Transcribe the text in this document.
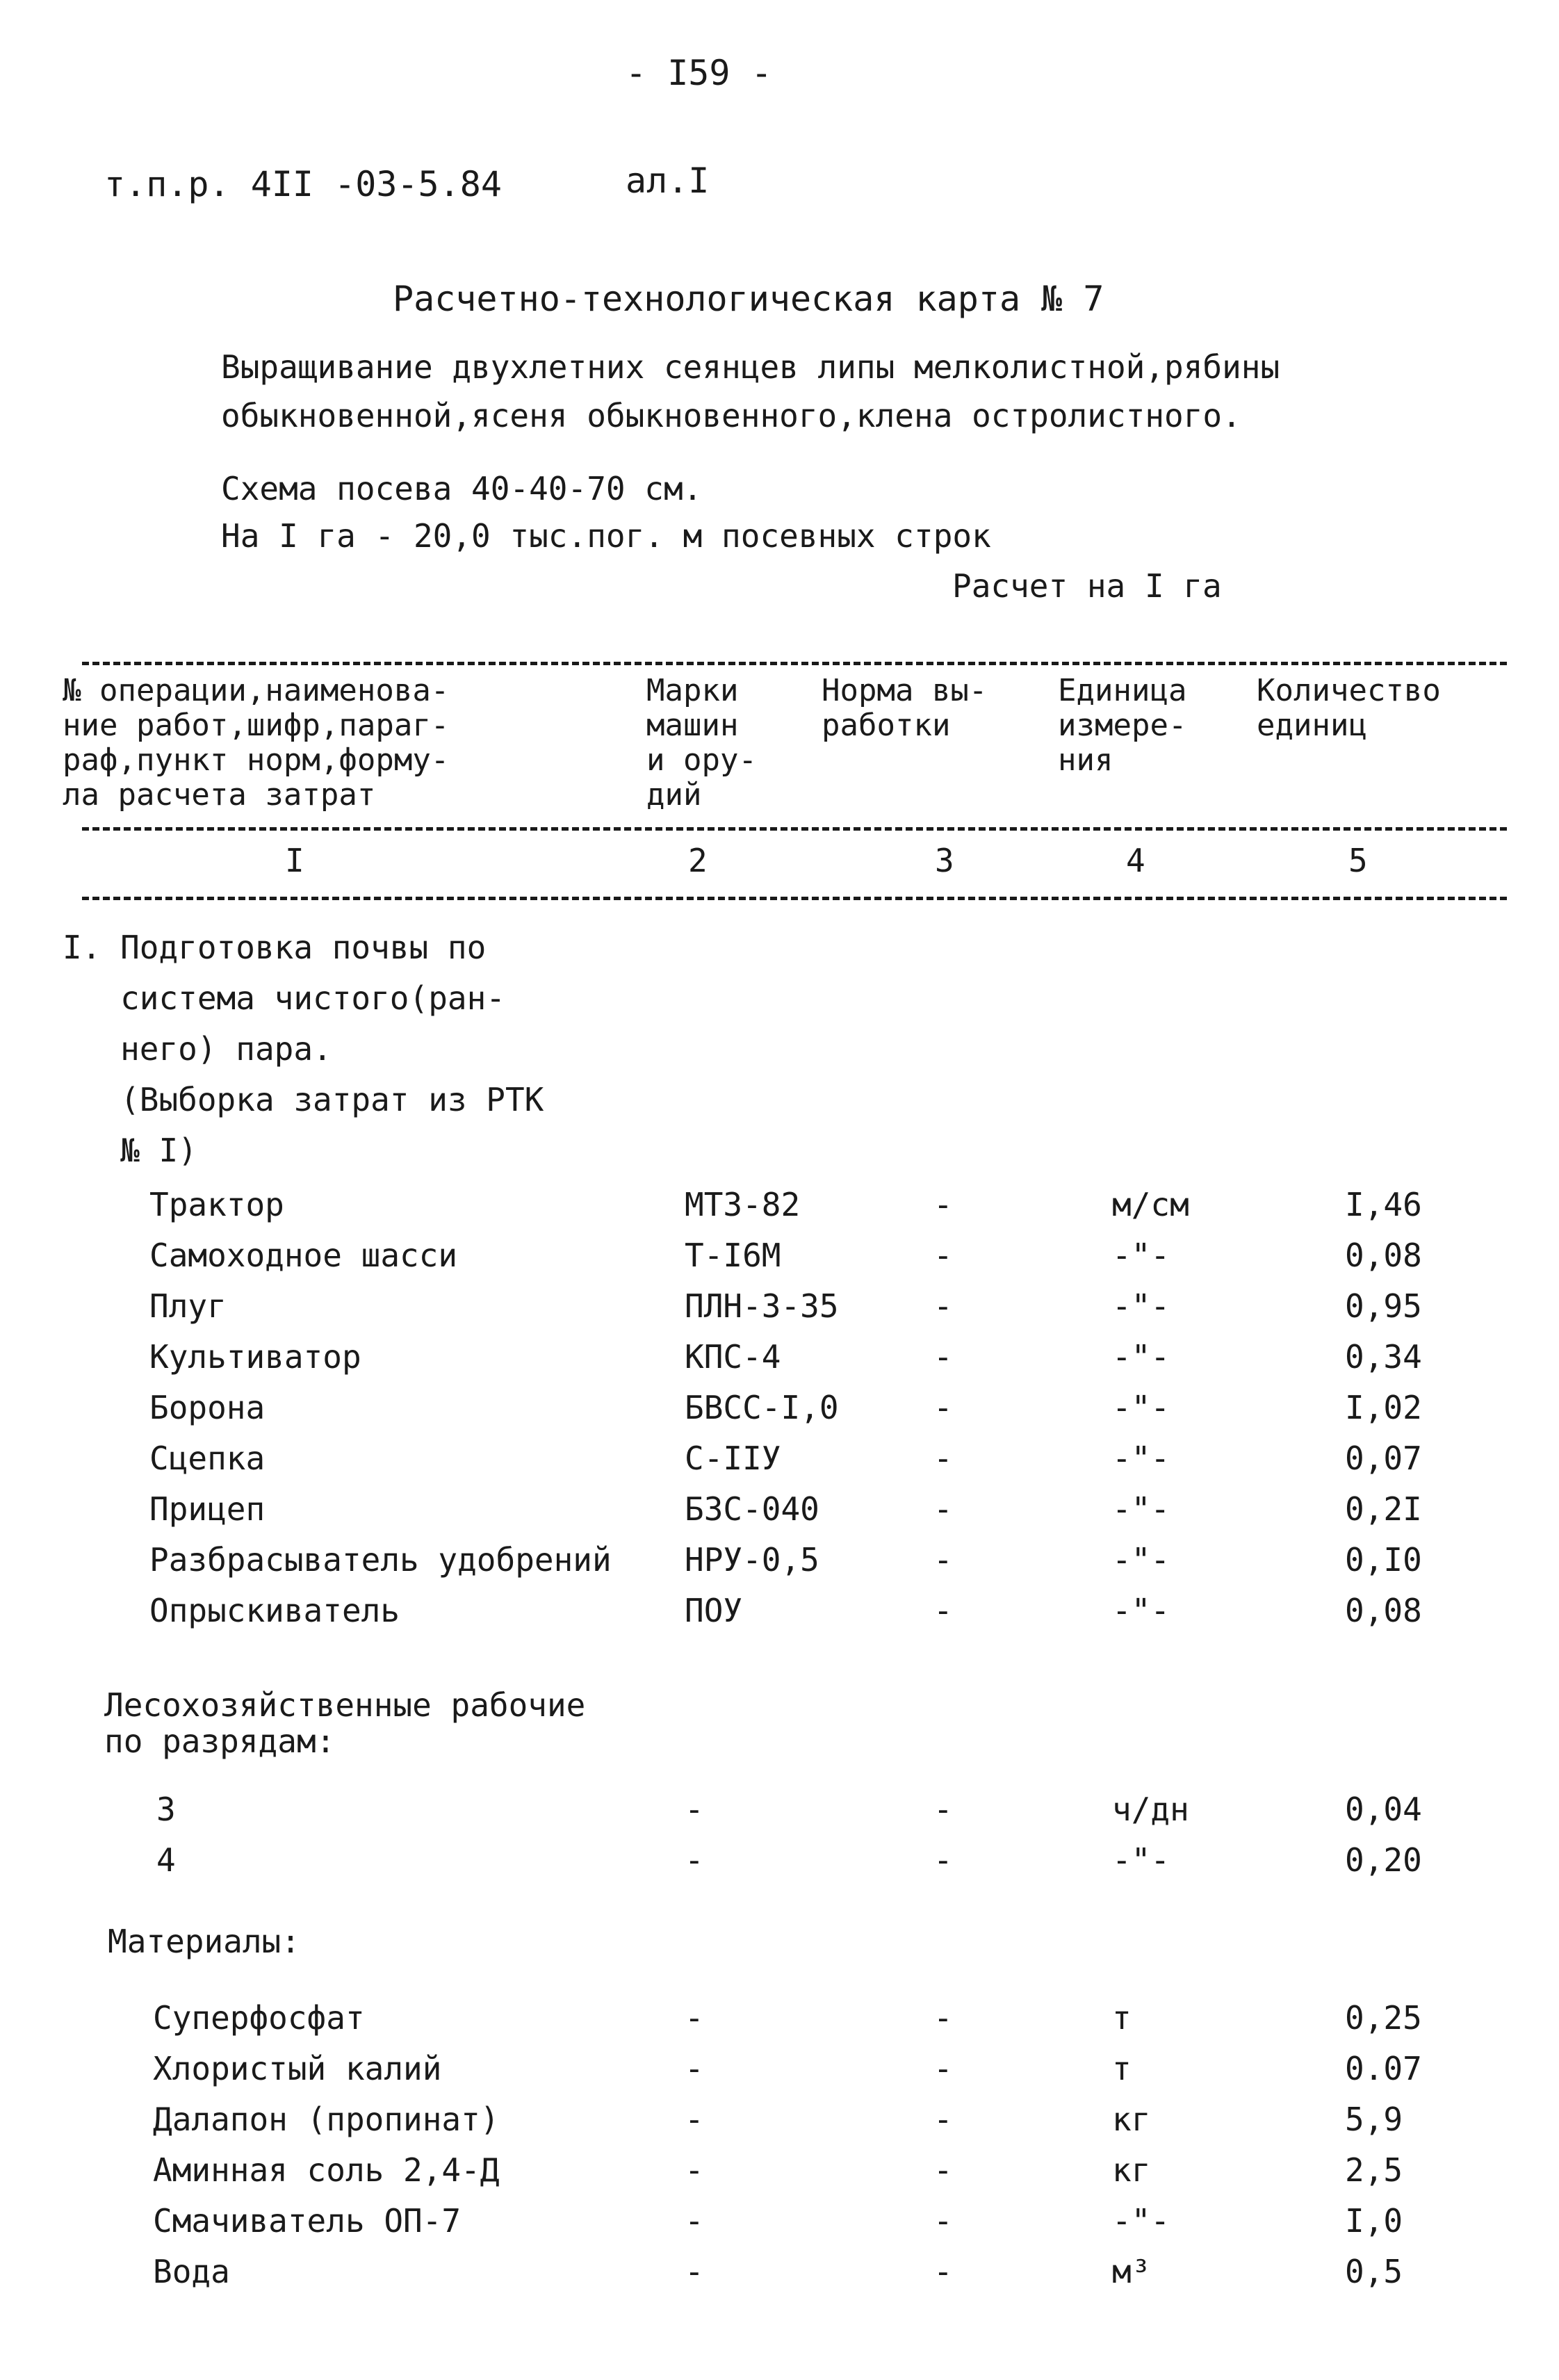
- I59 -
т.п.р. 4II -03-5.84	ал.I
Расчетно-технологическая карта № 7
Выращивание двухлетних сеянцев липы мелколистной,рябины
обыкновенной,ясеня обыкновенного,клена остролистного.
Схема посева 40-40-70 см.
На I га - 20,0 тыс.пог. м посевных строк
Расчет на I га
№ операции,наименова-
ние работ,шифр,параг-
раф,пункт норм,форму-
ла расчета затрат
Марки
машин
и ору-
дий
Норма вы-
работки
Единица
измере-
ния
Количество
единиц
I	2	3	4	5
I. Подготовка почвы по
система чистого(ран-
него) пара.
(Выборка затрат из РТК
№ I)
Трактор	МТЗ-82	-	м/см	I,46
Самоходное шасси	Т-I6М	-	-"-	0,08
Плуг	ПЛН-3-35	-	-"-	0,95
Культиватор	КПС-4	-	-"-	0,34
Борона	БВСС-I,0	-	-"-	I,02
Сцепка	С-IIУ	-	-"-	0,07
Прицеп	БЗС-040	-	-"-	0,2I
Разбрасыватель удобрений НРУ-0,5	-	-"-	0,I0
Опрыскиватель	ПОУ	-	-"-	0,08
Лесохозяйственные рабочие
по разрядам:
3	-	-	ч/дн	0,04
4	-	-	-"-	0,20
Материалы:
Суперфосфат	-	-	т	0,25
Хлористый калий	-	-	т	0.07
Далапон (пропинат)	-	-	кг	5,9
Аминная соль 2,4-Д	-	-	кг	2,5
Смачиватель ОП-7	-	-	-"-	I,0
Вода	-	-	м³	0,5
